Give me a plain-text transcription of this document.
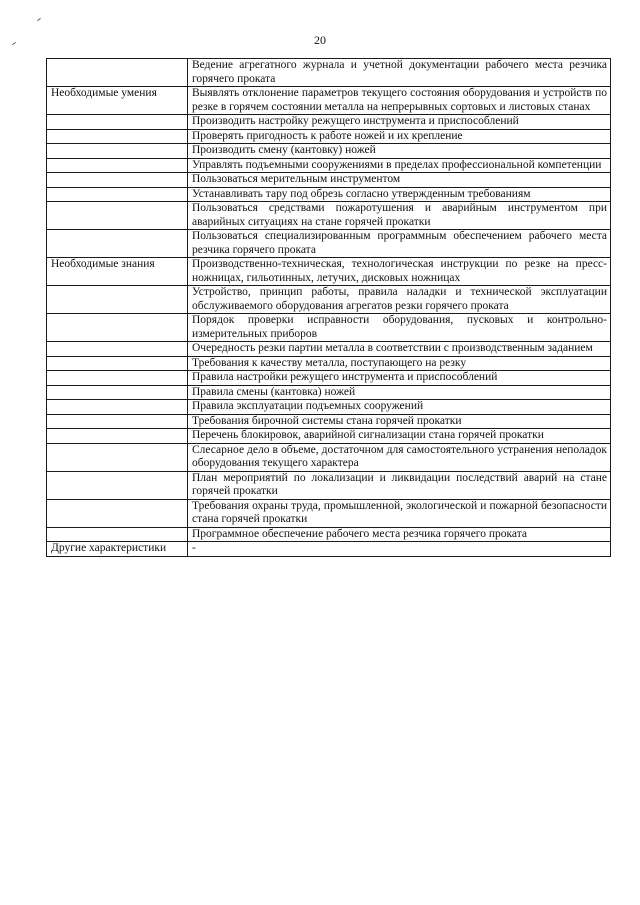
20
	Ведение агрегатного журнала и учетной документации рабочего места резчика горячего проката
Необходимые умения	Выявлять отклонение параметров текущего состояния оборудования и устройств по резке в горячем состоянии металла на непрерывных сортовых и листовых станах
	Производить настройку режущего инструмента и приспособлений
	Проверять пригодность к работе ножей и их крепление
	Производить смену (кантовку) ножей
	Управлять подъемными сооружениями в пределах профессиональной компетенции
	Пользоваться мерительным инструментом
	Устанавливать тару под обрезь согласно утвержденным требованиям
	Пользоваться средствами пожаротушения и аварийным инструментом при аварийных ситуациях на стане горячей прокатки
	Пользоваться специализированным программным обеспечением рабочего места резчика горячего проката
Необходимые знания	Производственно-техническая, технологическая инструкции по резке на пресс-ножницах, гильотинных, летучих, дисковых ножницах
	Устройство, принцип работы, правила наладки и технической эксплуатации обслуживаемого оборудования агрегатов резки горячего проката
	Порядок проверки исправности оборудования, пусковых и контрольно-измерительных приборов
	Очередность резки партии металла в соответствии с производственным заданием
	Требования к качеству металла, поступающего на резку
	Правила настройки режущего инструмента и приспособлений
	Правила смены (кантовка) ножей
	Правила эксплуатации подъемных сооружений
	Требования бирочной системы стана горячей прокатки
	Перечень блокировок, аварийной сигнализации стана горячей прокатки
	Слесарное дело в объеме, достаточном для самостоятельного устранения неполадок оборудования текущего характера
	План мероприятий по локализации и ликвидации последствий аварий на стане горячей прокатки
	Требования охраны труда, промышленной, экологической и пожарной безопасности стана горячей прокатки
	Программное обеспечение рабочего места резчика горячего проката
Другие характеристики	-
